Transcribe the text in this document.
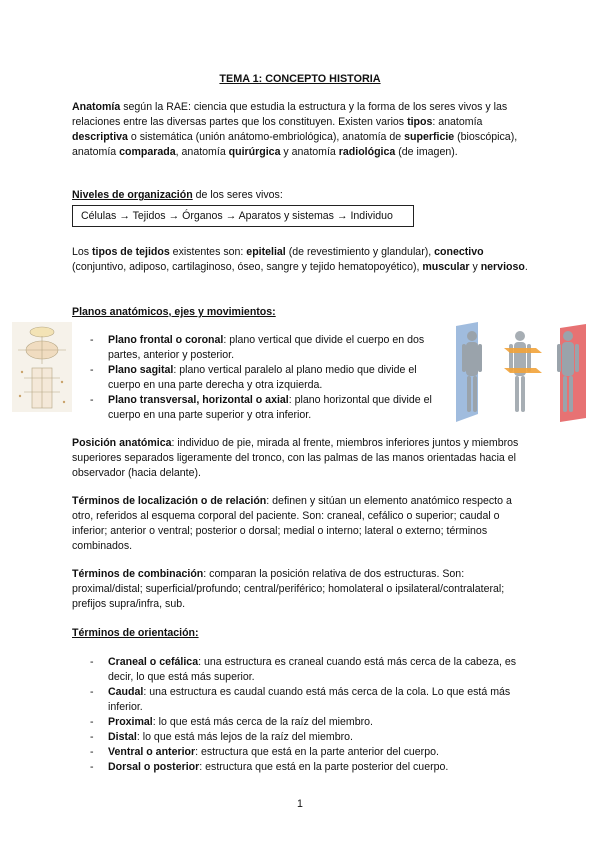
TEMA 1: CONCEPTO HISTORIA
Anatomía según la RAE: ciencia que estudia la estructura y la forma de los seres vivos y las relaciones entre las diversas partes que los constituyen. Existen varios tipos: anatomía descriptiva o sistemática (unión anátomo-embriológica), anatomía de superficie (bioscópica), anatomía comparada, anatomía quirúrgica y anatomía radiológica (de imagen).
Niveles de organización de los seres vivos:
Células → Tejidos → Órganos → Aparatos y sistemas → Individuo
Los tipos de tejidos existentes son: epitelial (de revestimiento y glandular), conectivo (conjuntivo, adiposo, cartilaginoso, óseo, sangre y tejido hematopoyético), muscular y nervioso.
Planos anatómicos, ejes y movimientos:
- Plano frontal o coronal: plano vertical que divide el cuerpo en dos partes, anterior y posterior.
- Plano sagital: plano vertical paralelo al plano medio que divide el cuerpo en una parte derecha y otra izquierda.
- Plano transversal, horizontal o axial: plano horizontal que divide el cuerpo en una parte superior y otra inferior.
Posición anatómica: individuo de pie, mirada al frente, miembros inferiores juntos y miembros superiores separados ligeramente del tronco, con las palmas de las manos orientadas hacia el observador (hacia delante).
Términos de localización o de relación: definen y sitúan un elemento anatómico respecto a otro, referidos al esquema corporal del paciente. Son: craneal, cefálico o superior; caudal o inferior; anterior o ventral; posterior o dorsal; medial o interno; lateral o externo; términos combinados.
Términos de combinación: comparan la posición relativa de dos estructuras. Son: proximal/distal; superficial/profundo; central/periférico; homolateral o ipsilateral/contralateral; prefijos supra/infra, sub.
Términos de orientación:
- Craneal o cefálica: una estructura es craneal cuando está más cerca de la cabeza, es decir, lo que está más superior.
- Caudal: una estructura es caudal cuando está más cerca de la cola. Lo que está más inferior.
- Proximal: lo que está más cerca de la raíz del miembro.
- Distal: lo que está más lejos de la raíz del miembro.
- Ventral o anterior: estructura que está en la parte anterior del cuerpo.
- Dorsal o posterior: estructura que está en la parte posterior del cuerpo.
1
